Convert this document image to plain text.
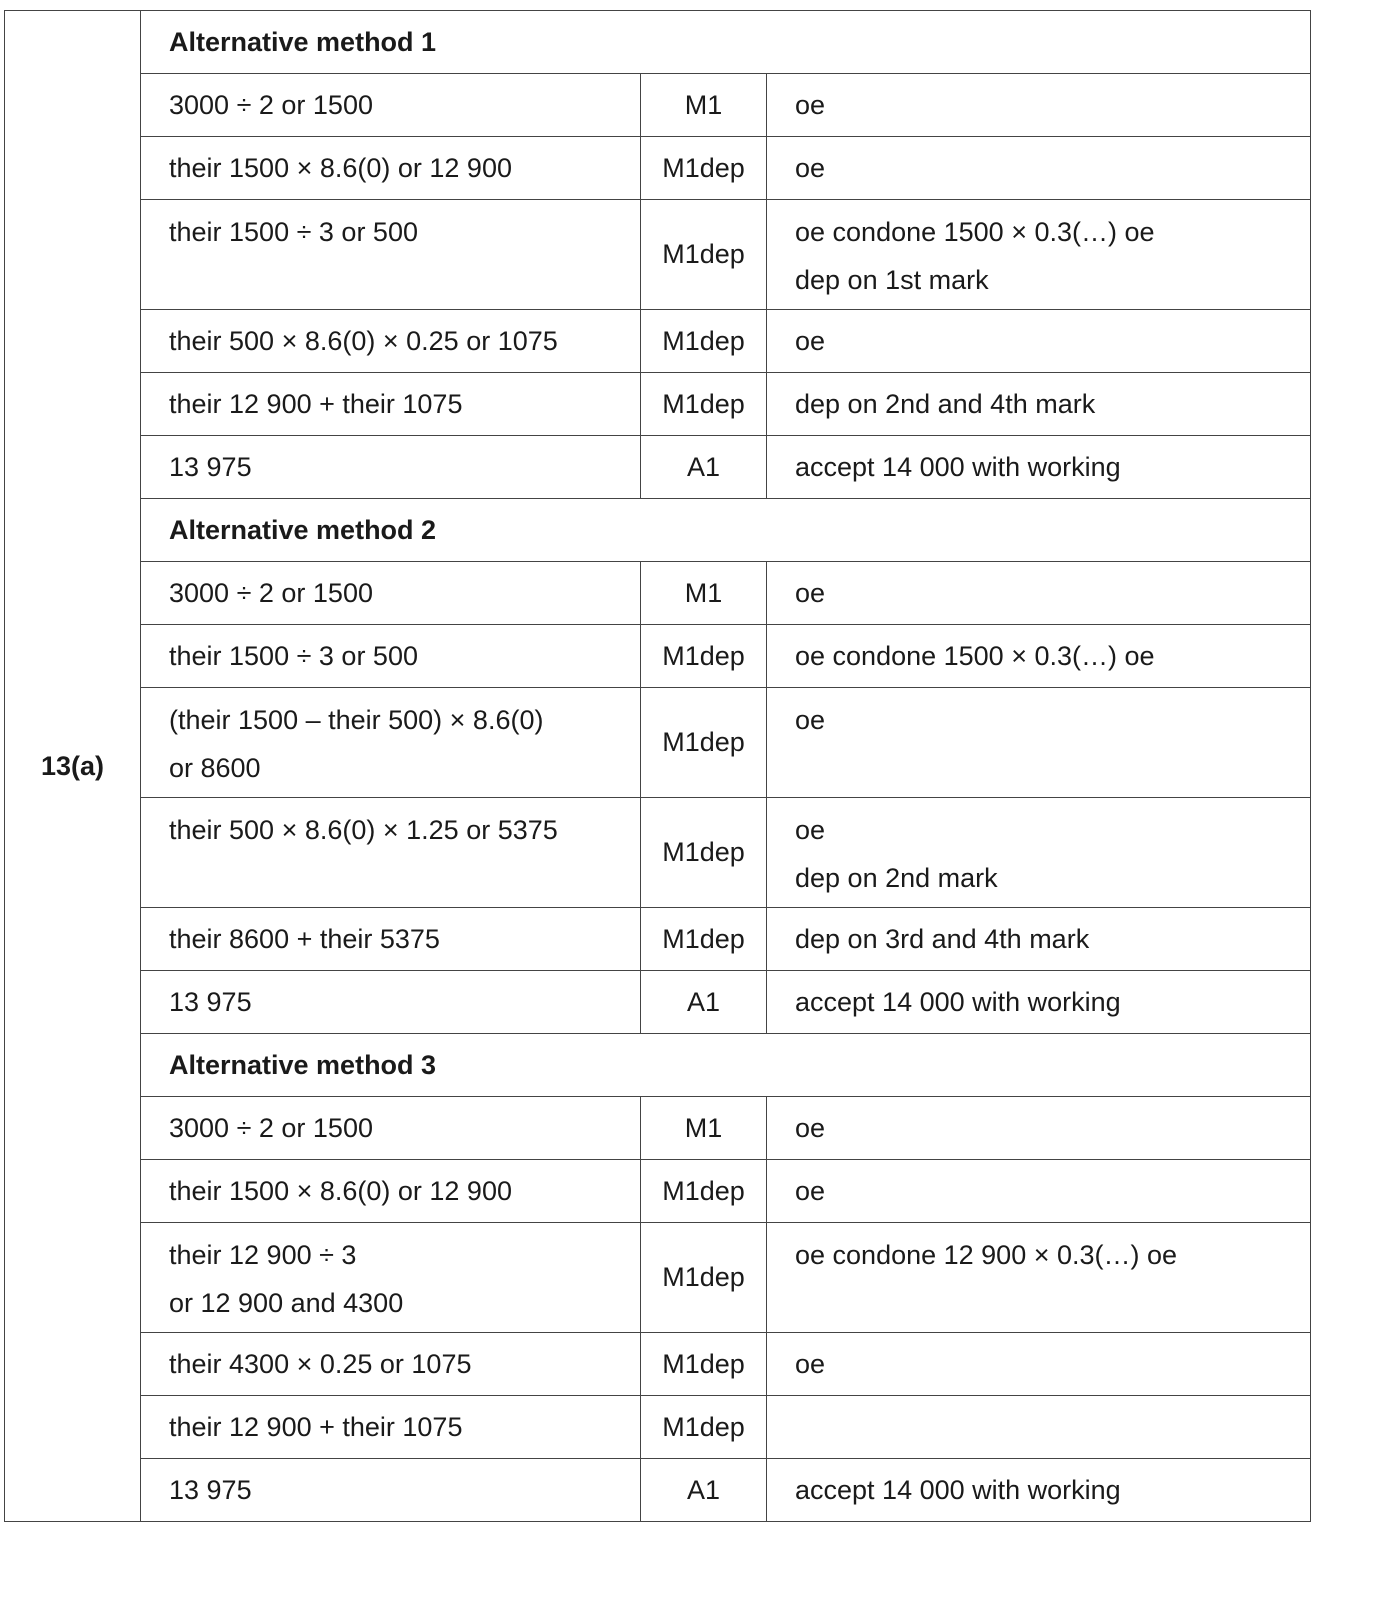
13(a)	Alternative method 1		

	3000 ÷ 2 or 1500	M1	oe

	their 1500 × 8.6(0) or 12 900	M1dep	oe

	their 1500 ÷ 3 or 500	M1dep	oe condone 1500 × 0.3(…) oe
dep on 1st mark

	their 500 × 8.6(0) × 0.25 or 1075	M1dep	oe

	their 12 900 + their 1075	M1dep	dep on 2nd and 4th mark

	13 975	A1	accept 14 000 with working

	Alternative method 2		

	3000 ÷ 2 or 1500	M1	oe

	their 1500 ÷ 3 or 500	M1dep	oe condone 1500 × 0.3(…) oe

	(their 1500 – their 500) × 8.6(0)
or 8600	M1dep	oe

	their 500 × 8.6(0) × 1.25 or 5375	M1dep	oe
dep on 2nd mark

	their 8600 + their 5375	M1dep	dep on 3rd and 4th mark

	13 975	A1	accept 14 000 with working

	Alternative method 3		

	3000 ÷ 2 or 1500	M1	oe

	their 1500 × 8.6(0) or 12 900	M1dep	oe

	their 12 900 ÷ 3
or 12 900 and 4300	M1dep	oe condone 12 900 × 0.3(…) oe

	their 4300 × 0.25 or 1075	M1dep	oe

	their 12 900 + their 1075	M1dep	

	13 975	A1	accept 14 000 with working
